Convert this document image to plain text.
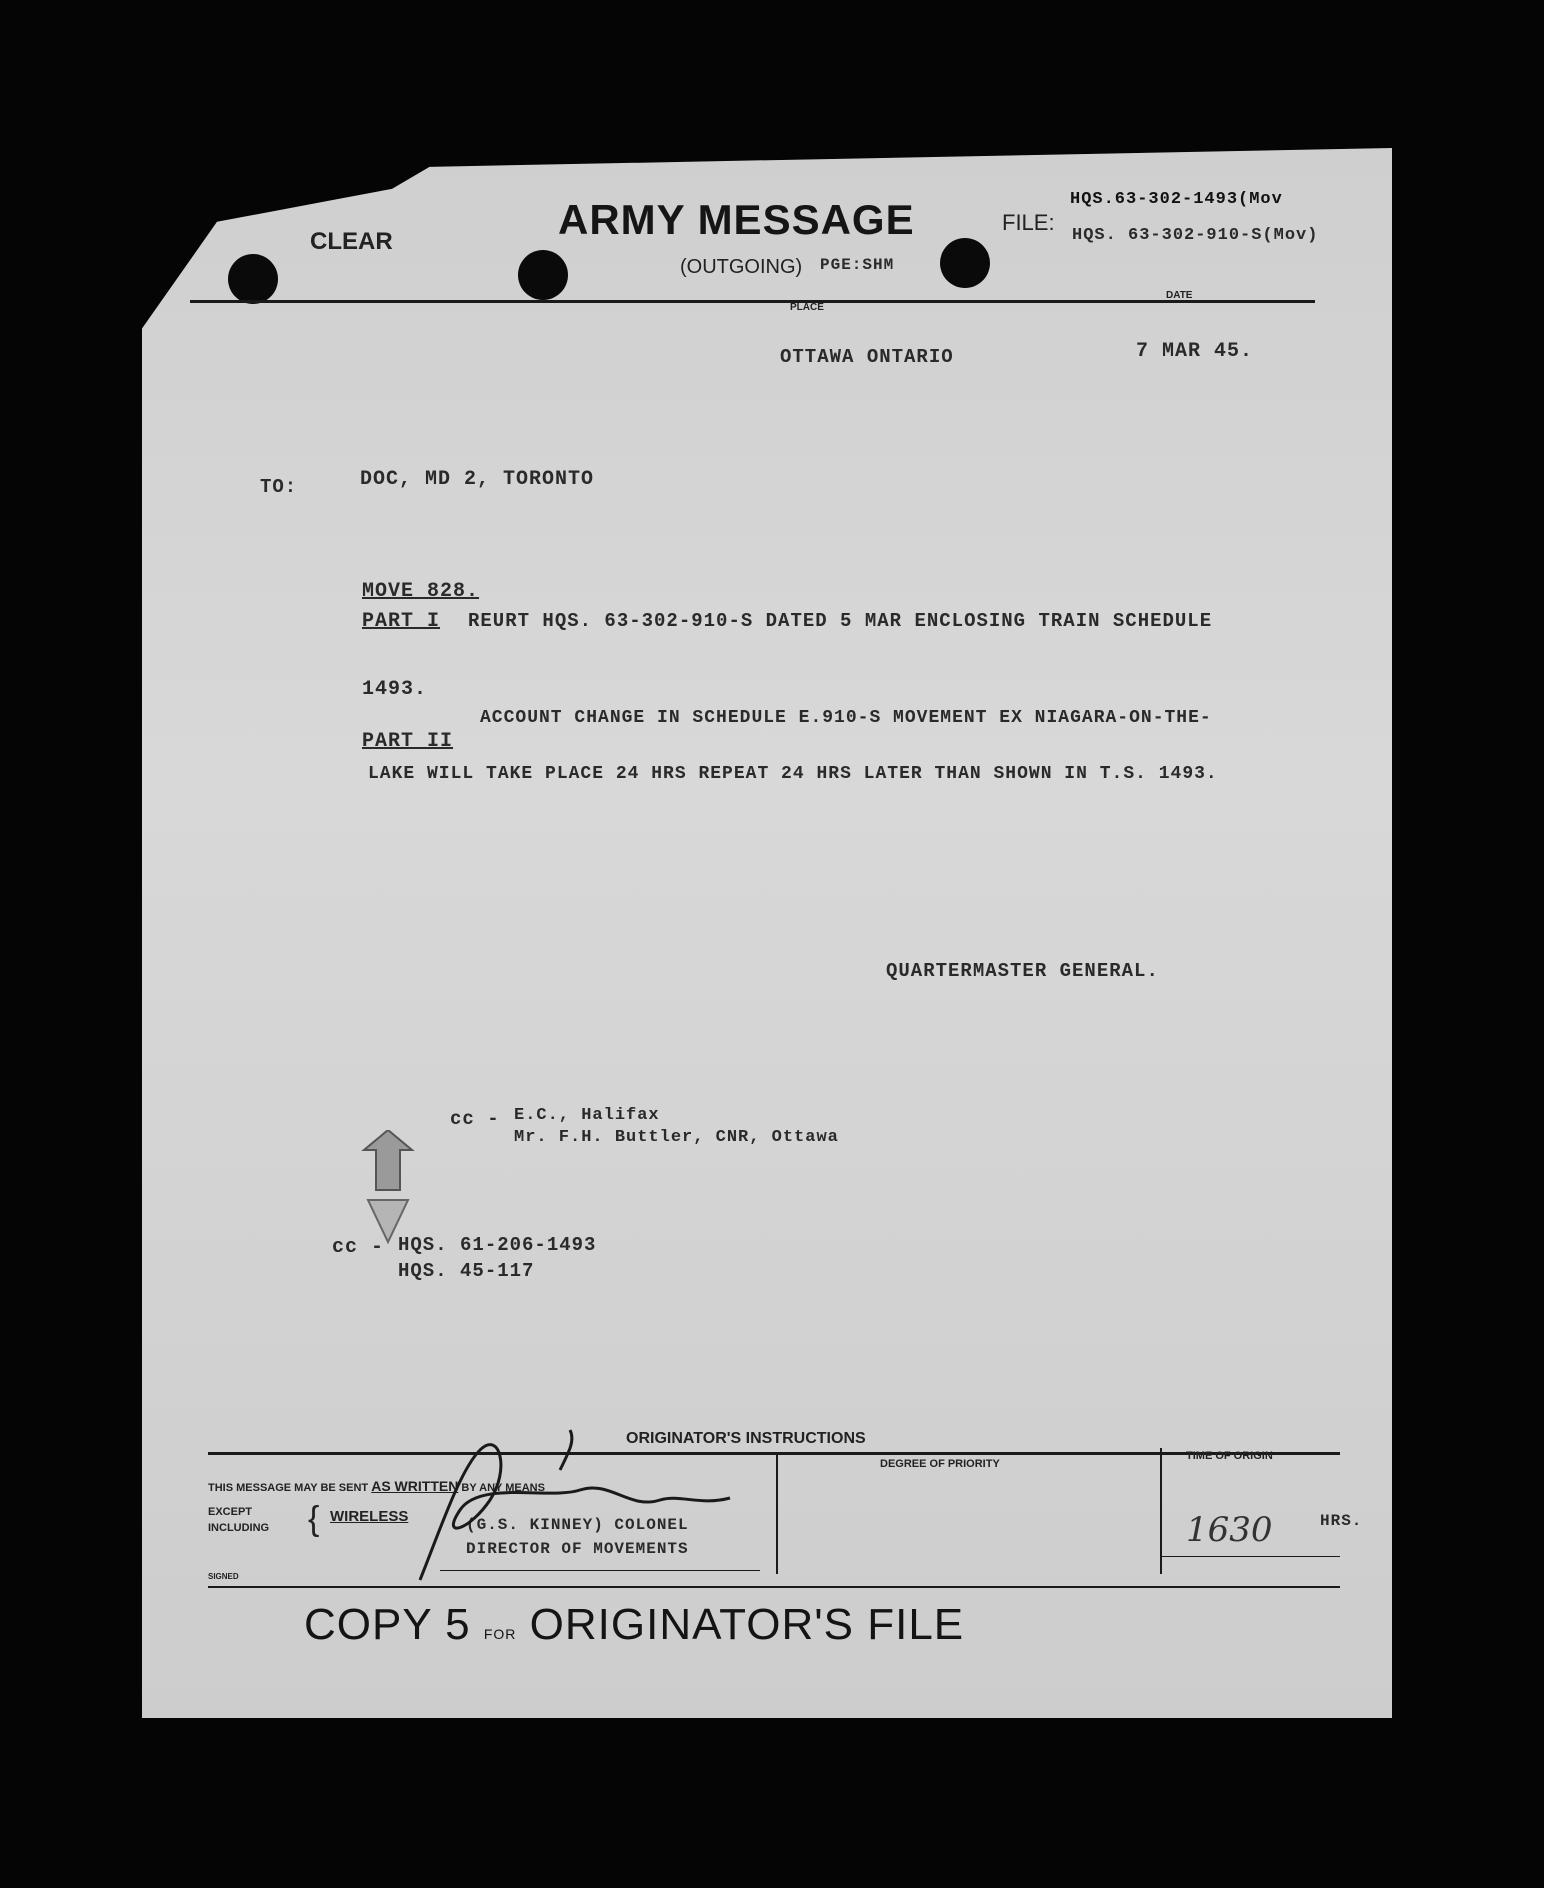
CLEAR	ARMY MESSAGE
(OUTGOING) PGE:SHM
FILE:
HQS.63-302-1493(Mov
HQS. 63-302-910-S(Mov)
PLACE
DATE
OTTAWA ONTARIO	7 MAR 45.
TO:	DOC, MD 2, TORONTO
MOVE 828.
PART I REURT HQS. 63-302-910-S DATED 5 MAR ENCLOSING TRAIN SCHEDULE
1493.
PART II
ACCOUNT CHANGE IN SCHEDULE E.910-S MOVEMENT EX NIAGARA-ON-THE-
LAKE WILL TAKE PLACE 24 HRS REPEAT 24 HRS LATER THAN SHOWN IN T.S. 1493.
QUARTERMASTER GENERAL.
cc - E.C., Halifax
Mr. F.H. Buttler, CNR, Ottawa
cc - HQS. 61-206-1493
HQS. 45-117
ORIGINATOR'S INSTRUCTIONS
THIS MESSAGE MAY BE SENT AS WRITTEN BY ANY MEANS
EXCEPT
INCLUDING { WIRELESS	(G.S. KINNEY) COLONEL
DIRECTOR OF MOVEMENTS
SIGNED
DEGREE OF PRIORITY
TIME OF ORIGIN
1630	HRS.
COPY 5 FOR ORIGINATOR'S FILE
